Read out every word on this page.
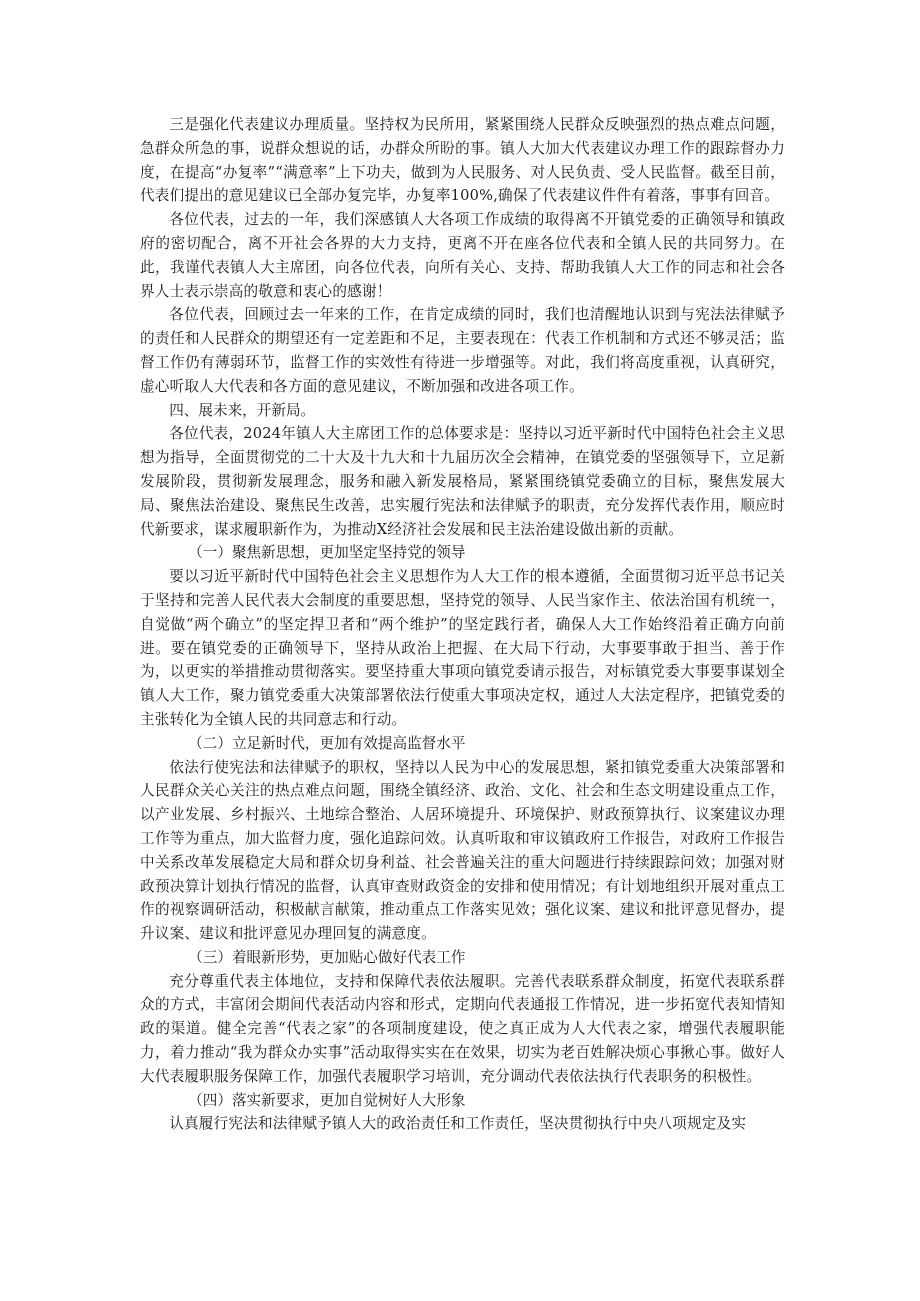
三是强化代表建议办理质量。坚持权为民所用，紧紧围绕人民群众反映强烈的热点难点问题，急群众所急的事，说群众想说的话，办群众所盼的事。镇人大加大代表建议办理工作的跟踪督办力度，在提高“办复率”“满意率”上下功夫，做到为人民服务、对人民负责、受人民监督。截至目前，代表们提出的意见建议已全部办复完毕，办复率100%,确保了代表建议件件有着落，事事有回音。

各位代表，过去的一年，我们深感镇人大各项工作成绩的取得离不开镇党委的正确领导和镇政府的密切配合，离不开社会各界的大力支持，更离不开在座各位代表和全镇人民的共同努力。在此，我谨代表镇人大主席团，向各位代表，向所有关心、支持、帮助我镇人大工作的同志和社会各界人士表示崇高的敬意和衷心的感谢！

各位代表，回顾过去一年来的工作，在肯定成绩的同时，我们也清醒地认识到与宪法法律赋予的责任和人民群众的期望还有一定差距和不足，主要表现在：代表工作机制和方式还不够灵活；监督工作仍有薄弱环节，监督工作的实效性有待进一步增强等。对此，我们将高度重视，认真研究，虚心听取人大代表和各方面的意见建议，不断加强和改进各项工作。

四、展未来，开新局。

各位代表，2024年镇人大主席团工作的总体要求是：坚持以习近平新时代中国特色社会主义思想为指导，全面贯彻党的二十大及十九大和十九届历次全会精神，在镇党委的坚强领导下，立足新发展阶段，贯彻新发展理念，服务和融入新发展格局，紧紧围绕镇党委确立的目标，聚焦发展大局、聚焦法治建设、聚焦民生改善，忠实履行宪法和法律赋予的职责，充分发挥代表作用，顺应时代新要求，谋求履职新作为，为推动X经济社会发展和民主法治建设做出新的贡献。

（一）聚焦新思想，更加坚定坚持党的领导

要以习近平新时代中国特色社会主义思想作为人大工作的根本遵循，全面贯彻习近平总书记关于坚持和完善人民代表大会制度的重要思想，坚持党的领导、人民当家作主、依法治国有机统一，自觉做“两个确立”的坚定捍卫者和“两个维护”的坚定践行者，确保人大工作始终沿着正确方向前进。要在镇党委的正确领导下，坚持从政治上把握、在大局下行动，大事要事敢于担当、善于作为，以更实的举措推动贯彻落实。要坚持重大事项向镇党委请示报告，对标镇党委大事要事谋划全镇人大工作，聚力镇党委重大决策部署依法行使重大事项决定权，通过人大法定程序，把镇党委的主张转化为全镇人民的共同意志和行动。

（二）立足新时代，更加有效提高监督水平

依法行使宪法和法律赋予的职权，坚持以人民为中心的发展思想，紧扣镇党委重大决策部署和人民群众关心关注的热点难点问题，围绕全镇经济、政治、文化、社会和生态文明建设重点工作，以产业发展、乡村振兴、土地综合整治、人居环境提升、环境保护、财政预算执行、议案建议办理工作等为重点，加大监督力度，强化追踪问效。认真听取和审议镇政府工作报告，对政府工作报告中关系改革发展稳定大局和群众切身利益、社会普遍关注的重大问题进行持续跟踪问效；加强对财政预决算计划执行情况的监督，认真审查财政资金的安排和使用情况；有计划地组织开展对重点工作的视察调研活动，积极献言献策，推动重点工作落实见效；强化议案、建议和批评意见督办，提升议案、建议和批评意见办理回复的满意度。

（三）着眼新形势，更加贴心做好代表工作

充分尊重代表主体地位，支持和保障代表依法履职。完善代表联系群众制度，拓宽代表联系群众的方式，丰富闭会期间代表活动内容和形式，定期向代表通报工作情况，进一步拓宽代表知情知政的渠道。健全完善“代表之家”的各项制度建设，使之真正成为人大代表之家，增强代表履职能力，着力推动“我为群众办实事”活动取得实实在在效果，切实为老百姓解决烦心事揪心事。做好人大代表履职服务保障工作，加强代表履职学习培训，充分调动代表依法执行代表职务的积极性。

（四）落实新要求，更加自觉树好人大形象

认真履行宪法和法律赋予镇人大的政治责任和工作责任，坚决贯彻执行中央八项规定及实
